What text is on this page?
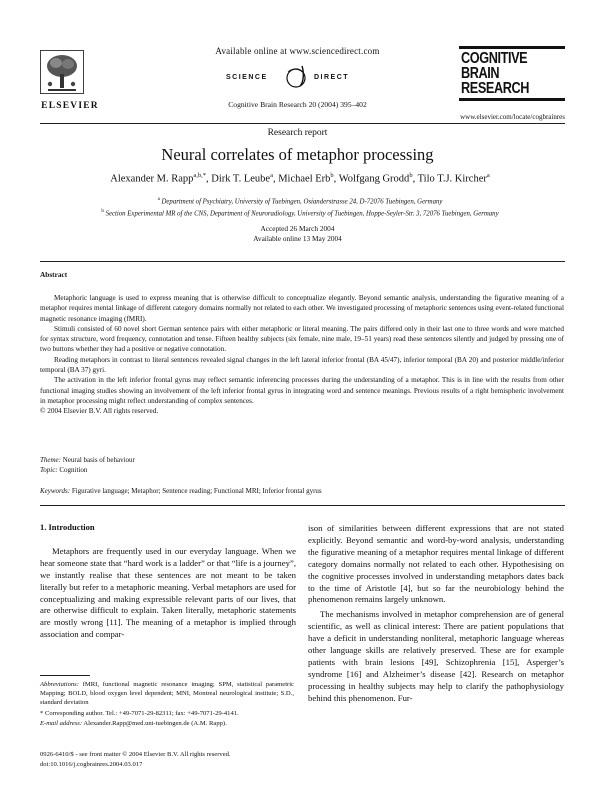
Available online at www.sciencedirect.com
SCIENCE	DIRECT
ELSEVIER	Cognitive Brain Research 20 (2004) 395–402
COGNITIVE
BRAIN
RESEARCH
www.elsevier.com/locate/cogbrainres
Research report
Neural correlates of metaphor processing
Alexander M. Rapp$^{a,b,*}$, Dirk T. Leube$^a$, Michael Erb$^b$, Wolfgang Grodd$^b$, Tilo T.J. Kircher$^a$
$^a$ Department of Psychiatry, University of Tuebingen, Osianderstrasse 24, D-72076 Tuebingen, Germany
$^b$ Section Experimental MR of the CNS, Department of Neuroradiology, University of Tuebingen, Hoppe-Seyler-Str. 3, 72076 Tuebingen, Germany
Accepted 26 March 2004
Available online 13 May 2004
Abstract

Metaphoric language is used to express meaning that is otherwise difficult to conceptualize elegantly. Beyond semantic analysis, understanding the figurative meaning of a metaphor requires mental linkage of different category domains normally not related to each other. We investigated processing of metaphoric sentences using event-related functional magnetic resonance imaging (fMRI).

Stimuli consisted of 60 novel short German sentence pairs with either metaphoric or literal meaning. The pairs differed only in their last one to three words and were matched for syntax structure, word frequency, connotation and tense. Fifteen healthy subjects (six female, nine male, 19–51 years) read these sentences silently and judged by pressing one of two buttons whether they had a positive or negative connotation.

Reading metaphors in contrast to literal sentences revealed signal changes in the left lateral inferior frontal (BA 45/47), inferior temporal (BA 20) and posterior middle/inferior temporal (BA 37) gyri.

The activation in the left inferior frontal gyrus may reflect semantic inferencing processes during the understanding of a metaphor. This is in line with the results from other functional imaging studies showing an involvement of the left inferior frontal gyrus in integrating word and sentence meanings. Previous results of a right hemispheric involvement in metaphor processing might reflect understanding of complex sentences.

© 2004 Elsevier B.V. All rights reserved.

Theme: Neural basis of behaviour
Topic: Cognition
Keywords: Figurative language; Metaphor; Sentence reading; Functional MRI; Inferior frontal gyrus
1. Introduction

Metaphors are frequently used in our everyday language. When we hear someone state that “hard work is a ladder” or that “life is a journey”, we instantly realise that these sentences are not meant to be taken literally but refer to a metaphoric meaning. Verbal metaphors are used for conceptualizing and making expressible relevant parts of our lives, that are otherwise difficult to explain. Taken literally, metaphoric statements are mostly wrong [11]. The meaning of a metaphor is implied through association and compar-

ison of similarities between different expressions that are not stated explicitly. Beyond semantic and word-by-word analysis, understanding the figurative meaning of a metaphor requires mental linkage of different category domains normally not related to each other. Hypothesising on the cognitive processes involved in understanding metaphors dates back to the time of Aristotle [4], but so far the neurobiology behind the phenomenon remains largely unknown.

The mechanisms involved in metaphor comprehension are of general scientific, as well as clinical interest: There are patient populations that have a deficit in understanding nonliteral, metaphoric language whereas other language skills are relatively preserved. These are for example patients with brain lesions [49], Schizophrenia [15], Asperger’s syndrome [16] and Alzheimer’s disease [42]. Research on metaphor processing in healthy subjects may help to clarify the pathophysiology behind this phenomenon. Fur-

Abbreviations: fMRI, functional magnetic resonance imaging; SPM, statistical parametric Mapping; BOLD, blood oxygen level dependent; MNI, Montreal neurological institute; S.D., standard deviation
* Corresponding author. Tel.: +49-7071-29-82311; fax: +49-7071-29-4141.
E-mail address: Alexander.Rapp@med.uni-tuebingen.de (A.M. Rapp).
0926-6410/$ - see front matter © 2004 Elsevier B.V. All rights reserved.
doi:10.1016/j.cogbrainres.2004.03.017
